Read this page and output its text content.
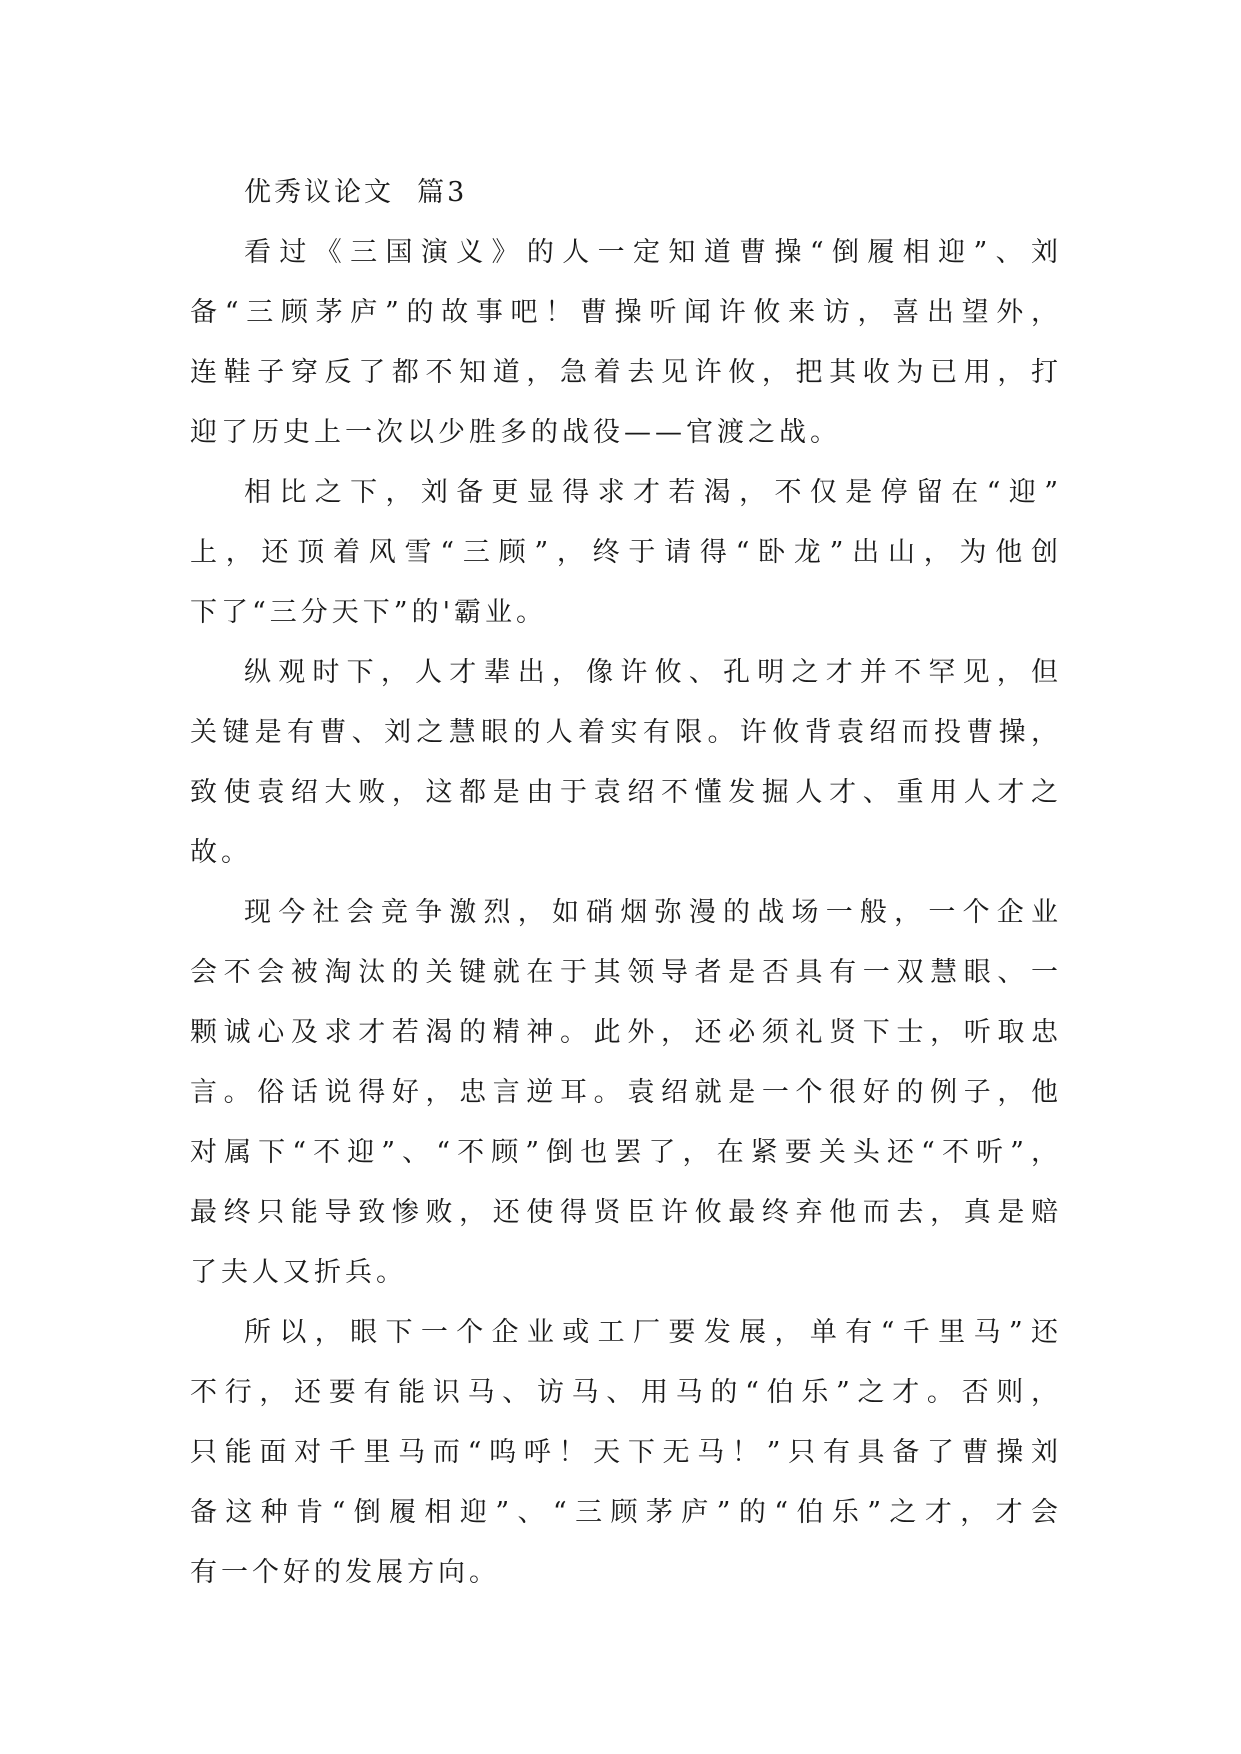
优秀议论文  篇3
看过《三国演义》的人一定知道曹操“倒履相迎”、刘
备“三顾茅庐”的故事吧！曹操听闻许攸来访，喜出望外，
连鞋子穿反了都不知道，急着去见许攸，把其收为已用，打
迎了历史上一次以少胜多的战役——官渡之战。
相比之下，刘备更显得求才若渴，不仅是停留在“迎”
上，还顶着风雪“三顾”，终于请得“卧龙”出山，为他创
下了“三分天下”的'霸业。
纵观时下，人才辈出，像许攸、孔明之才并不罕见，但
关键是有曹、刘之慧眼的人着实有限。许攸背袁绍而投曹操，
致使袁绍大败，这都是由于袁绍不懂发掘人才、重用人才之
故。
现今社会竞争激烈，如硝烟弥漫的战场一般，一个企业
会不会被淘汰的关键就在于其领导者是否具有一双慧眼、一
颗诚心及求才若渴的精神。此外，还必须礼贤下士，听取忠
言。俗话说得好，忠言逆耳。袁绍就是一个很好的例子，他
对属下“不迎”、“不顾”倒也罢了，在紧要关头还“不听”，
最终只能导致惨败，还使得贤臣许攸最终弃他而去，真是赔
了夫人又折兵。
所以，眼下一个企业或工厂要发展，单有“千里马”还
不行，还要有能识马、访马、用马的“伯乐”之才。否则，
只能面对千里马而“呜呼！天下无马！”只有具备了曹操刘
备这种肯“倒履相迎”、“三顾茅庐”的“伯乐”之才，才会
有一个好的发展方向。
